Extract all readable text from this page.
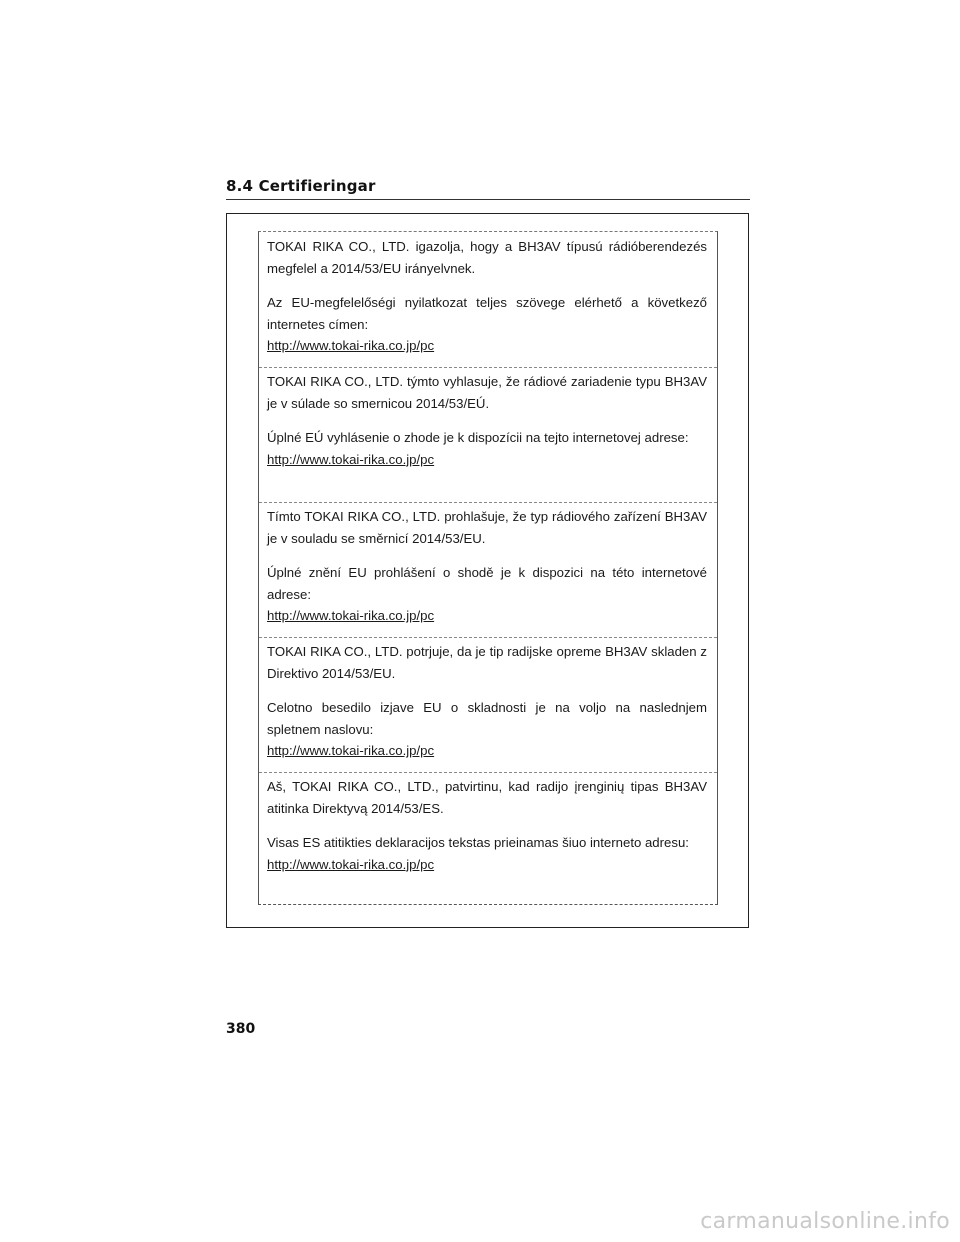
8.4 Certifieringar

TOKAI RIKA CO., LTD. igazolja, hogy a BH3AV típusú rádióberendezés megfelel a 2014/53/EU irányelvnek.

Az EU-megfelelőségi nyilatkozat teljes szövege elérhető a következő internetes címen:

http://www.tokai-rika.co.jp/pc

TOKAI RIKA CO., LTD. týmto vyhlasuje, že rádiové zariadenie typu BH3AV je v súlade so smernicou 2014/53/EÚ.

Úplné EÚ vyhlásenie o zhode je k dispozícii na tejto internetovej adrese:

http://www.tokai-rika.co.jp/pc

Tímto TOKAI RIKA CO., LTD. prohlašuje, že typ rádiového zařízení BH3AV je v souladu se směrnicí 2014/53/EU.

Úplné znění EU prohlášení o shodě je k dispozici na této internetové adrese:

http://www.tokai-rika.co.jp/pc

TOKAI RIKA CO., LTD. potrjuje, da je tip radijske opreme BH3AV skladen z Direktivo 2014/53/EU.

Celotno besedilo izjave EU o skladnosti je na voljo na naslednjem spletnem naslovu:

http://www.tokai-rika.co.jp/pc

Aš, TOKAI RIKA CO., LTD., patvirtinu, kad radijo įrenginių tipas BH3AV atitinka Direktyvą 2014/53/ES.

Visas ES atitikties deklaracijos tekstas prieinamas šiuo interneto adresu:

http://www.tokai-rika.co.jp/pc
380
carmanualsonline.info
